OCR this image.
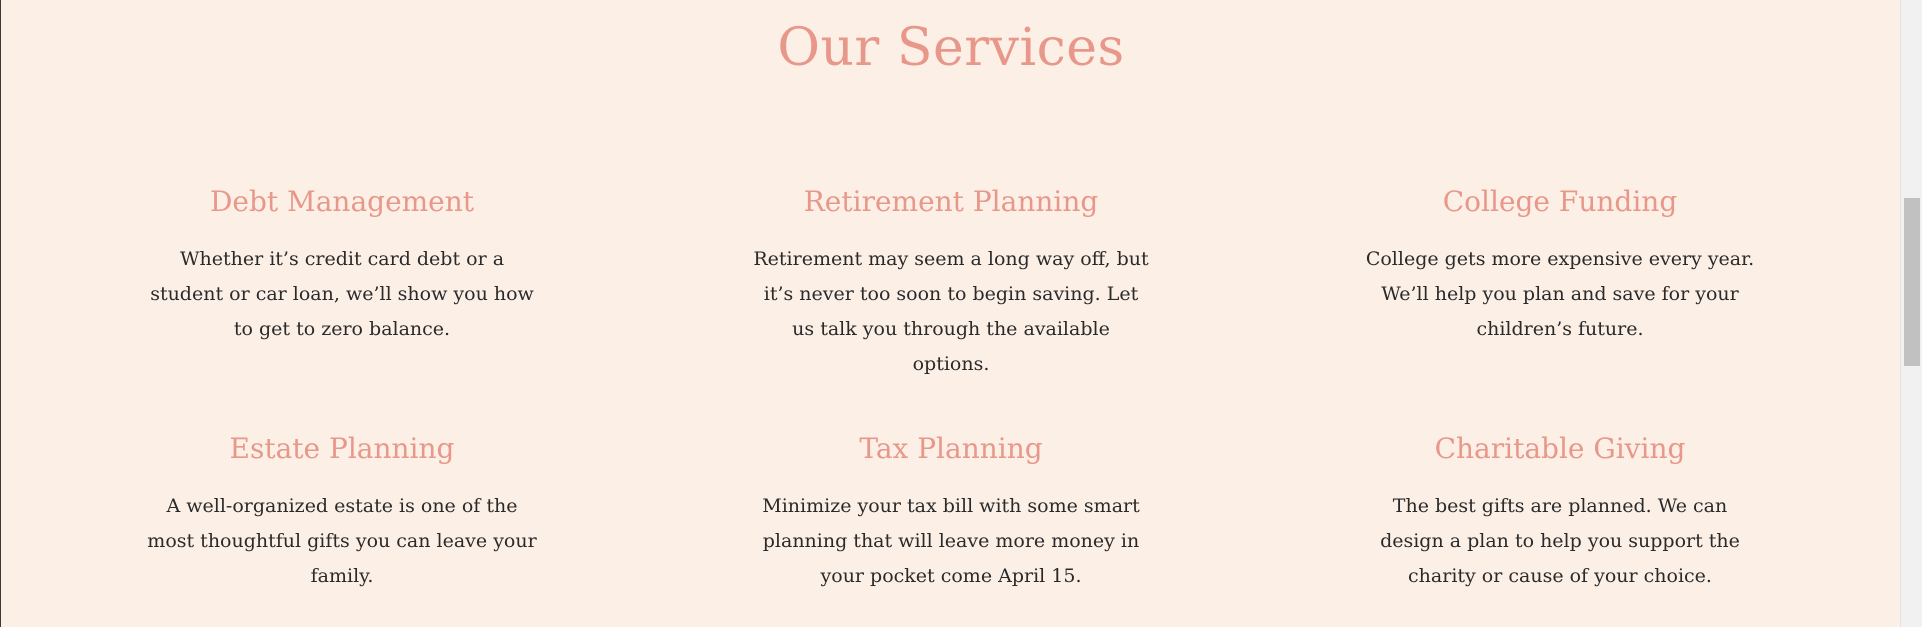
Our Services
Debt Management

Whether it’s credit card debt or a student or car loan, we’ll show you how to get to zero balance.

Retirement Planning

Retirement may seem a long way off, but it’s never too soon to begin saving. Let us talk you through the available options.

College Funding

College gets more expensive every year. We’ll help you plan and save for your children’s future.

Estate Planning

A well-organized estate is one of the most thoughtful gifts you can leave your family.

Tax Planning

Minimize your tax bill with some smart planning that will leave more money in your pocket come April 15.

Charitable Giving

The best gifts are planned. We can design a plan to help you support the charity or cause of your choice.
